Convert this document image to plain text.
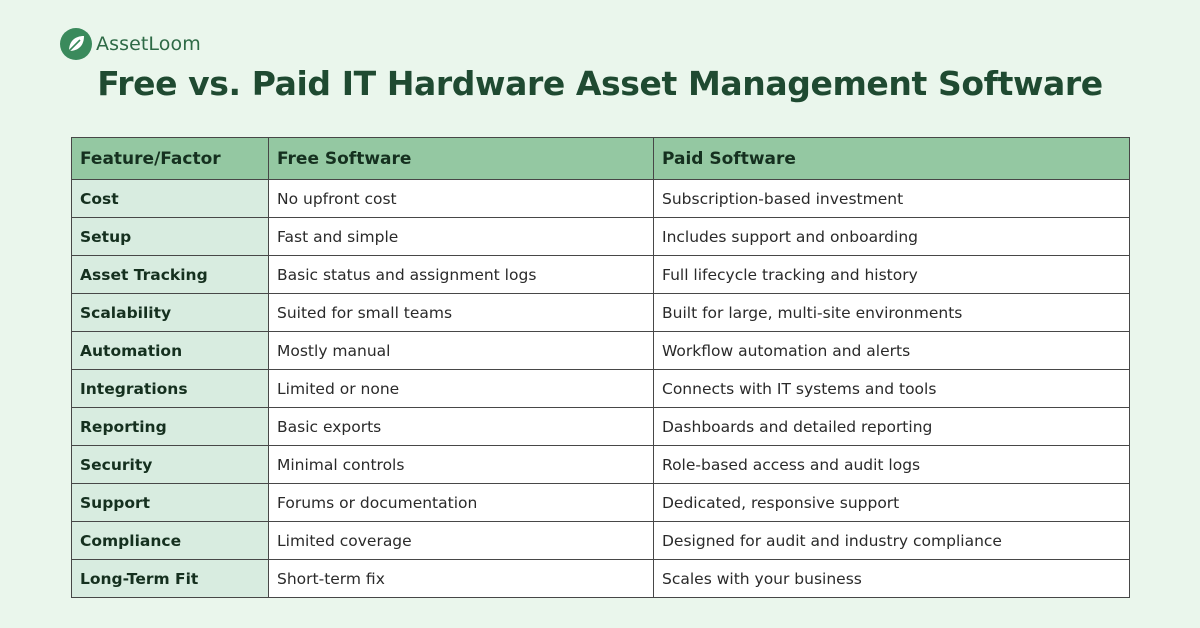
AssetLoom
Free vs. Paid IT Hardware Asset Management Software
Feature/Factor	Free Software	Paid Software
Cost	No upfront cost	Subscription-based investment
Setup	Fast and simple	Includes support and onboarding
Asset Tracking	Basic status and assignment logs	Full lifecycle tracking and history
Scalability	Suited for small teams	Built for large, multi-site environments
Automation	Mostly manual	Workflow automation and alerts
Integrations	Limited or none	Connects with IT systems and tools
Reporting	Basic exports	Dashboards and detailed reporting
Security	Minimal controls	Role-based access and audit logs
Support	Forums or documentation	Dedicated, responsive support
Compliance	Limited coverage	Designed for audit and industry compliance
Long-Term Fit	Short-term fix	Scales with your business
